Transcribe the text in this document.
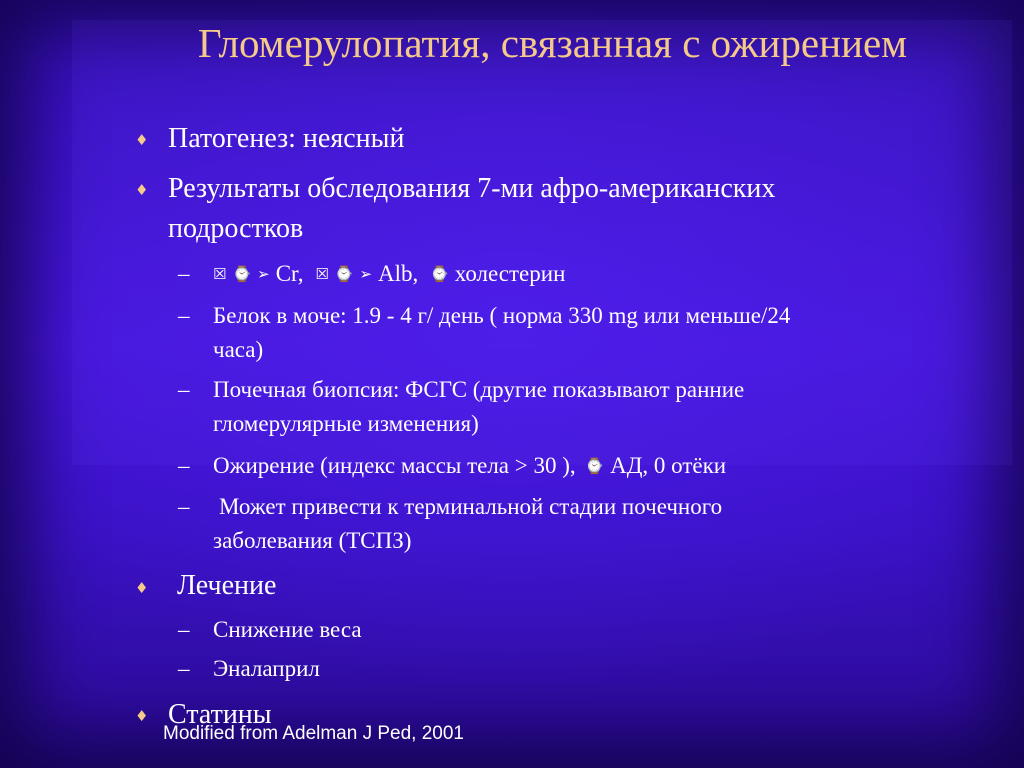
Гломерулопатия, связанная с ожирением
♦ Патогенез: неясный
♦ Результаты обследования 7-ми афро-американских
подростков
– ☒ ⌚ ➢ Cr, ☒ ⌚ ➢ Alb, ⌚ холестерин
– Белок в моче: 1.9 - 4 г/ день ( норма 330 mg или меньше/24
часа)
– Почечная биопсия: ФСГС (другие показывают ранние
гломерулярные изменения)
– Ожирение (индекс массы тела > 30 ), ⌚ АД, 0 отёки
– Может привести к терминальной стадии почечного
заболевания (ТСПЗ)
♦ Лечение
– Снижение веса
– Эналаприл
♦ Статины
Modified from Adelman J Ped, 2001
